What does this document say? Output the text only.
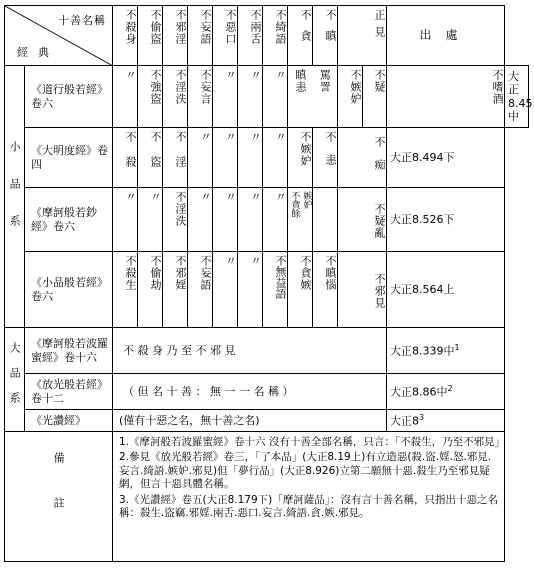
十善名稱
經典		不殺身	不偷盜	不邪淫	不妄語	不惡口	不兩舌	不綺語	不貪	不瞋	正見		出處	
小品系	《道行般若經》卷六	〃	不強盜	不淫泆	不妄言	〃	〃	〃	瞋恚 罵詈		不嫉妒	不疑	不嗜酒	大正8.45中
	《大明度經》卷四	不殺	不盜	不淫	〃	〃	〃	〃	不嫉妒	不恚	不痴		大正8.494下	
	《摩訶般若鈔經》卷六	〃	〃	不淫泆	〃	〃	〃	〃	不貪餘 嫉妒		不疑亂		大正8.526下	
	《小品般若經》卷六	不殺生	不偷劫	不邪婬	不妄語	〃	〃	不無益語	不貪嫉	不瞋惱	不邪見		大正8.564上	
大品系	《摩訶般若波羅蜜經》卷十六	不 殺 身 乃 至 不 邪 見											大正8.339中$^1$
	《放光般若經》卷十二	（ 但 名 十 善 ： 無 一 一 名 稱 ）											大正8.86中$^2$
	《光讚經》	(僅有十惡之名，無十善之名)											大正$8^3$
備註		1.《摩訶般若波羅蜜經》卷十六 沒有十善全部名稱，只言：「不殺生，乃至不邪見」

2.參見《放光般若經》卷三，「了本品」(大正8.19上)有立造惡(殺.盜.婬.怒.邪見.妄言.綺語.嫉妒.邪見)但「夢行品」(大正8.926)立第二願無十惡.殺生乃至邪見疑網，但言十惡具體名稱。

3.《光讚經》卷五(大正8.179下)「摩訶薩品」：沒有言十善名稱，只指出十惡之名稱：殺生.盜竊.邪婬.兩舌.惡口.妄言.綺語.貪.嫉.邪見。												
